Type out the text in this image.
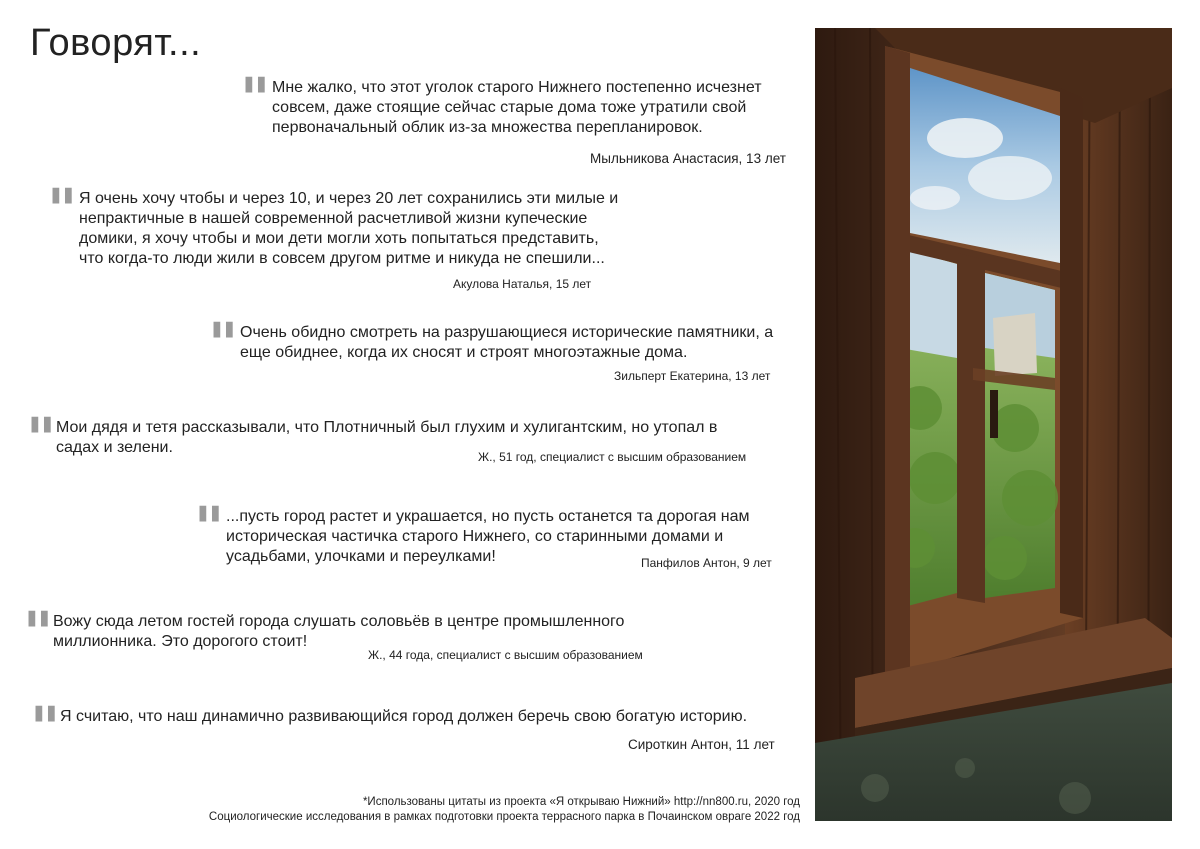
Говорят...
" Мне жалко, что этот уголок старого Нижнего постепенно исчезнет совсем, даже стоящие сейчас старые дома тоже утратили свой первоначальный облик из-за множества перепланировок.

Мыльникова Анастасия, 13 лет
" Я очень хочу чтобы и через 10, и через 20 лет сохранились эти милые и непрактичные в нашей современной расчетливой жизни купеческие домики, я хочу чтобы и мои дети могли хоть попытаться представить, что когда-то люди жили в совсем другом ритме и никуда не спешили...

Акулова Наталья, 15 лет
" Очень обидно смотреть на разрушающиеся исторические памятники, а еще обиднее, когда их сносят и строят многоэтажные дома.

Зильперт Екатерина, 13 лет
" Мои дядя и тетя рассказывали, что Плотничный был глухим и хулигантским, но утопал в садах и зелени.

Ж., 51 год, специалист с высшим образованием
" ...пусть город растет и украшается, но пусть останется та дорогая нам историческая частичка старого Нижнего, со старинными домами и усадьбами, улочками и переулками!	Панфилов Антон, 9 лет
" Вожу сюда летом гостей города слушать соловьёв в центре промышленного миллионника. Это дорогого стоит!

Ж., 44 года, специалист с высшим образованием
" Я считаю, что наш динамично развивающийся город должен беречь свою богатую историю.

Сироткин Антон, 11 лет
*Использованы цитаты из проекта «Я открываю Нижний» http://nn800.ru, 2020 год
Социологические исследования в рамках подготовки проекта террасного парка в Почаинском овраге 2022 год
